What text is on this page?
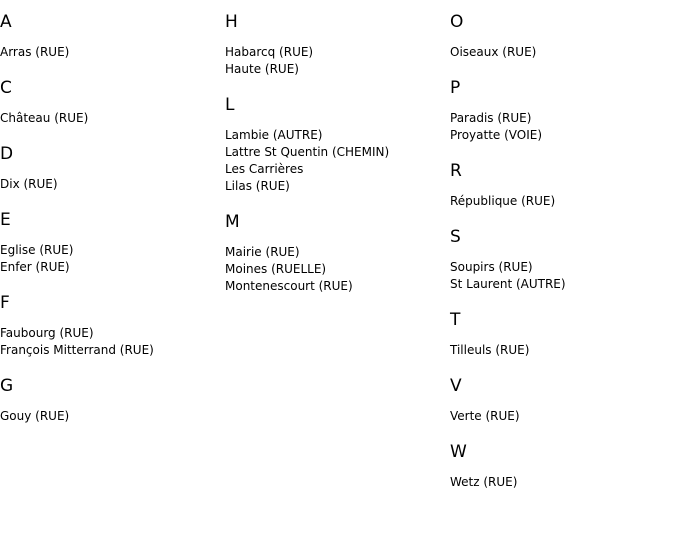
A
Arras (RUE)
C
Château (RUE)
D
Dix (RUE)
E
Eglise (RUE)
Enfer (RUE)
F
Faubourg (RUE)
François Mitterrand (RUE)
G
Gouy (RUE)
H
Habarcq (RUE)
Haute (RUE)
L
Lambie (AUTRE)
Lattre St Quentin (CHEMIN)
Les Carrières
Lilas (RUE)
M
Mairie (RUE)
Moines (RUELLE)
Montenescourt (RUE)
O
Oiseaux (RUE)
P
Paradis (RUE)
Proyatte (VOIE)
R
République (RUE)
S
Soupirs (RUE)
St Laurent (AUTRE)
T
Tilleuls (RUE)
V
Verte (RUE)
W
Wetz (RUE)
